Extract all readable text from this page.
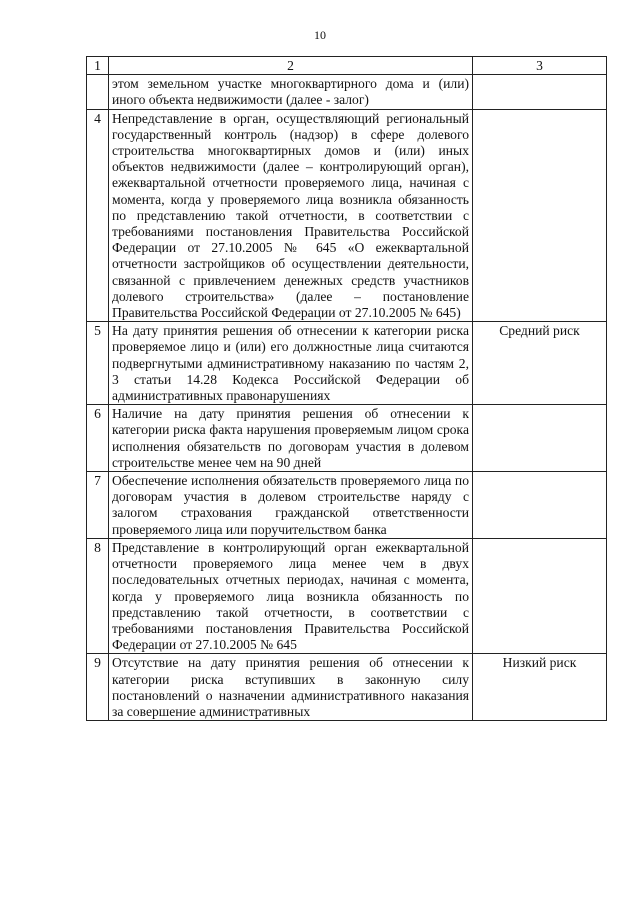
10
1	2	3
	этом земельном участке многоквартирного дома и (или) иного объекта недвижимости (далее - залог)	
4	Непредставление в орган, осуществляющий региональный государственный контроль (надзор) в сфере долевого строительства многоквартирных домов и (или) иных объектов недвижимости (далее – контролирующий орган), ежеквартальной отчетности проверяемого лица, начиная с момента, когда у проверяемого лица возникла обязанность по представлению такой отчетности, в соответствии с требованиями постановления Правительства Российской Федерации от 27.10.2005 № 645 «О ежеквартальной отчетности застройщиков об осуществлении деятельности, связанной с привлечением денежных средств участников долевого строительства» (далее – постановление Правительства Российской Федерации от 27.10.2005 № 645)	
5	На дату принятия решения об отнесении к категории риска проверяемое лицо и (или) его должностные лица считаются подвергнутыми административному наказанию по частям 2, 3 статьи 14.28 Кодекса Российской Федерации об административных правонарушениях	Средний риск
6	Наличие на дату принятия решения об отнесении к категории риска факта нарушения проверяемым лицом срока исполнения обязательств по договорам участия в долевом строительстве менее чем на 90 дней	
7	Обеспечение исполнения обязательств проверяемого лица по договорам участия в долевом строительстве наряду с залогом страхования гражданской ответственности проверяемого лица или поручительством банка	
8	Представление в контролирующий орган ежеквартальной отчетности проверяемого лица менее чем в двух последовательных отчетных периодах, начиная с момента, когда у проверяемого лица возникла обязанность по представлению такой отчетности, в соответствии с требованиями постановления Правительства Российской Федерации от 27.10.2005 № 645	
9	Отсутствие на дату принятия решения об отнесении к категории риска вступивших в законную силу постановлений о назначении административного наказания за совершение административных	Низкий риск
